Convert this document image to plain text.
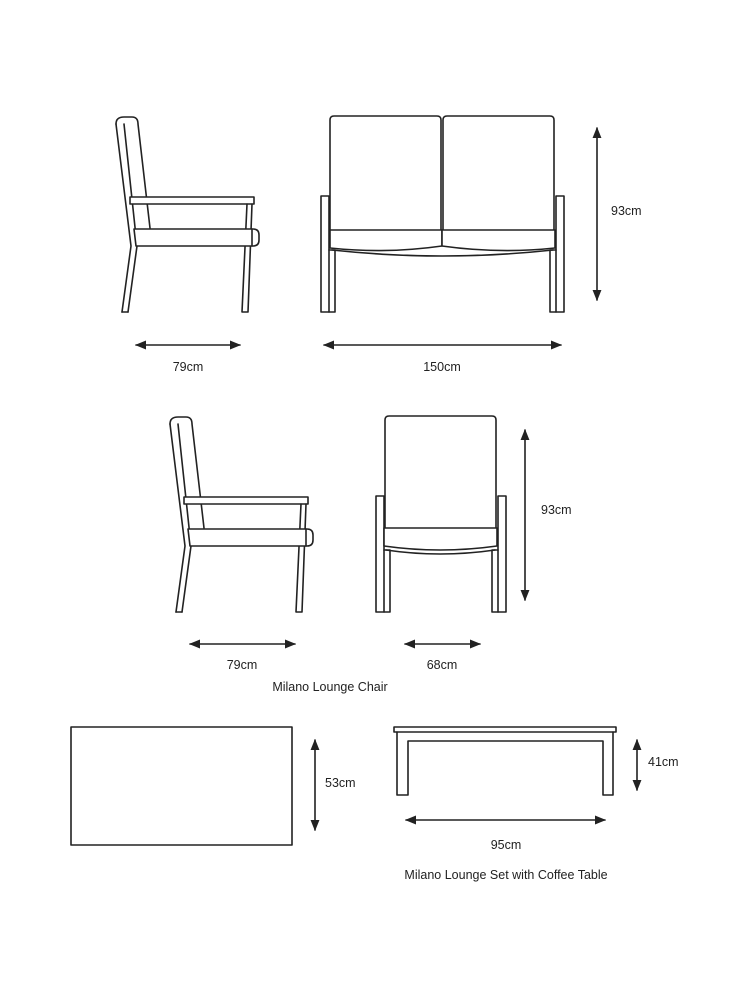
79cm	150cm
93cm
79cm	68cm
93cm
53cm
41cm
95cm
Milano Lounge Chair
Milano Lounge Set with Coffee Table
